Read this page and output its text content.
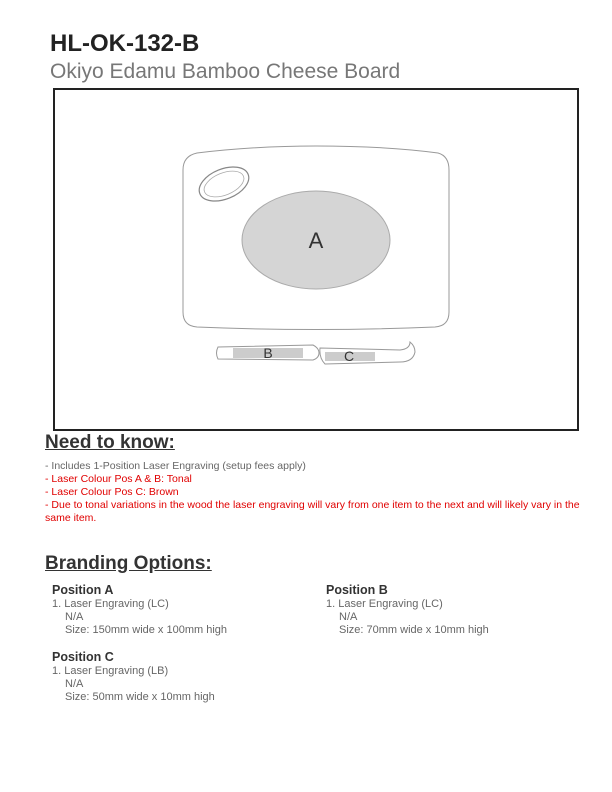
HL-OK-132-B
Okiyo Edamu Bamboo Cheese Board
A
B	C
Need to know:
- Includes 1-Position Laser Engraving (setup fees apply)
- Laser Colour Pos A & B: Tonal
- Laser Colour Pos C: Brown
- Due to tonal variations in the wood the laser engraving will vary from one item to the next and will likely vary in the same item.
Branding Options:
Position A
1. Laser Engraving (LC)
N/A
Size: 150mm wide x 100mm high
Position B
1. Laser Engraving (LC)
N/A
Size: 70mm wide x 10mm high
Position C
1. Laser Engraving (LB)
N/A
Size: 50mm wide x 10mm high
